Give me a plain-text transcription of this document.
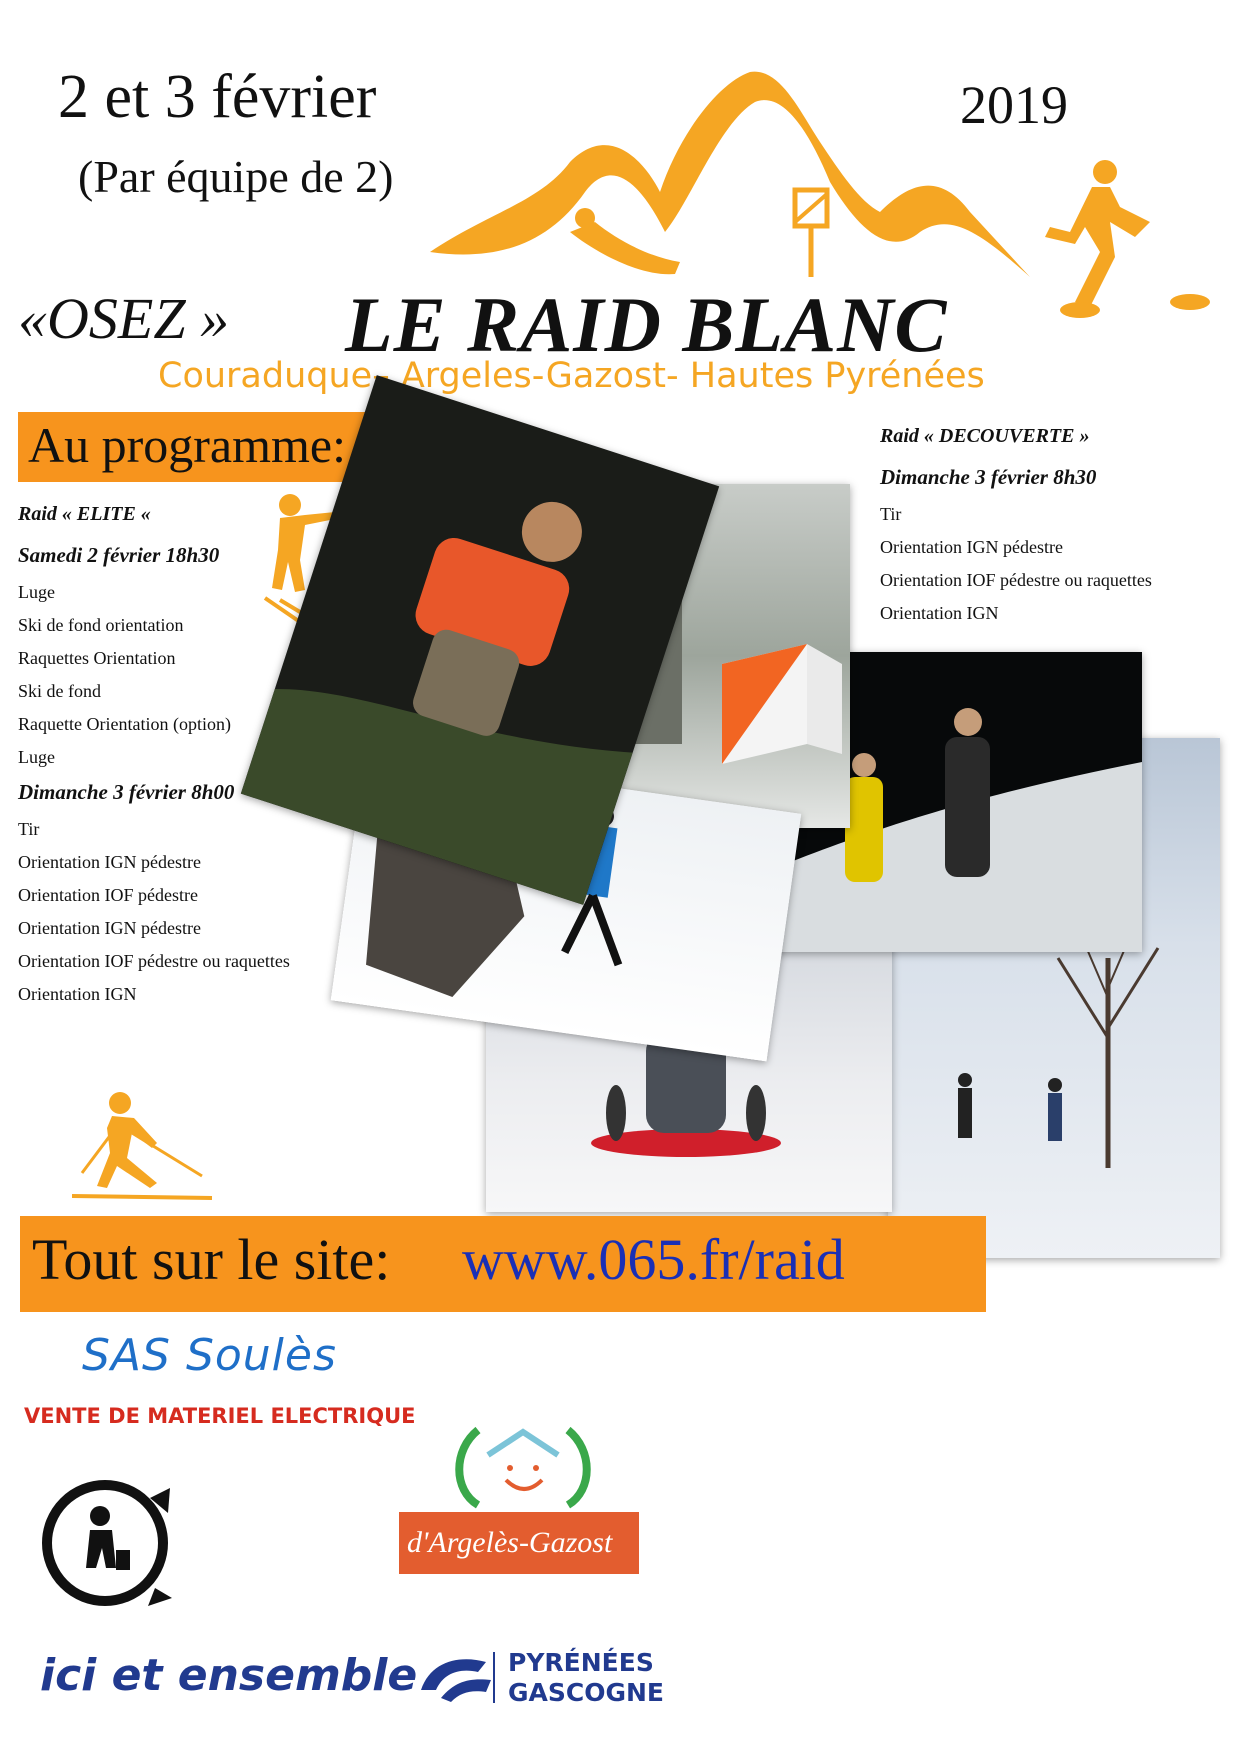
2 et 3 février	2019
(Par équipe de 2)
«OSEZ » LE RAID BLANC
Couraduque– Argeles-Gazost- Hautes Pyrénées
Au programme:
Raid « ELITE «
Samedi 2 février 18h30
Luge
Ski de fond orientation
Raquettes Orientation
Ski de fond
Raquette Orientation (option)
Luge
Dimanche 3 février 8h00
Tir
Orientation IGN pédestre
Orientation IOF pédestre
Orientation IGN pédestre
Orientation IOF pédestre ou raquettes
Orientation IGN
Raid « DECOUVERTE »
Dimanche 3 février 8h30
Tir
Orientation IGN pédestre
Orientation IOF pédestre ou raquettes
Orientation IGN
Tout sur le site: www.065.fr/raid
SAS Soulès
VENTE DE MATERIEL ELECTRIQUE
d'Argelès-Gazost
ici et ensemble	PYRÉNÉES
GASCOGNE
